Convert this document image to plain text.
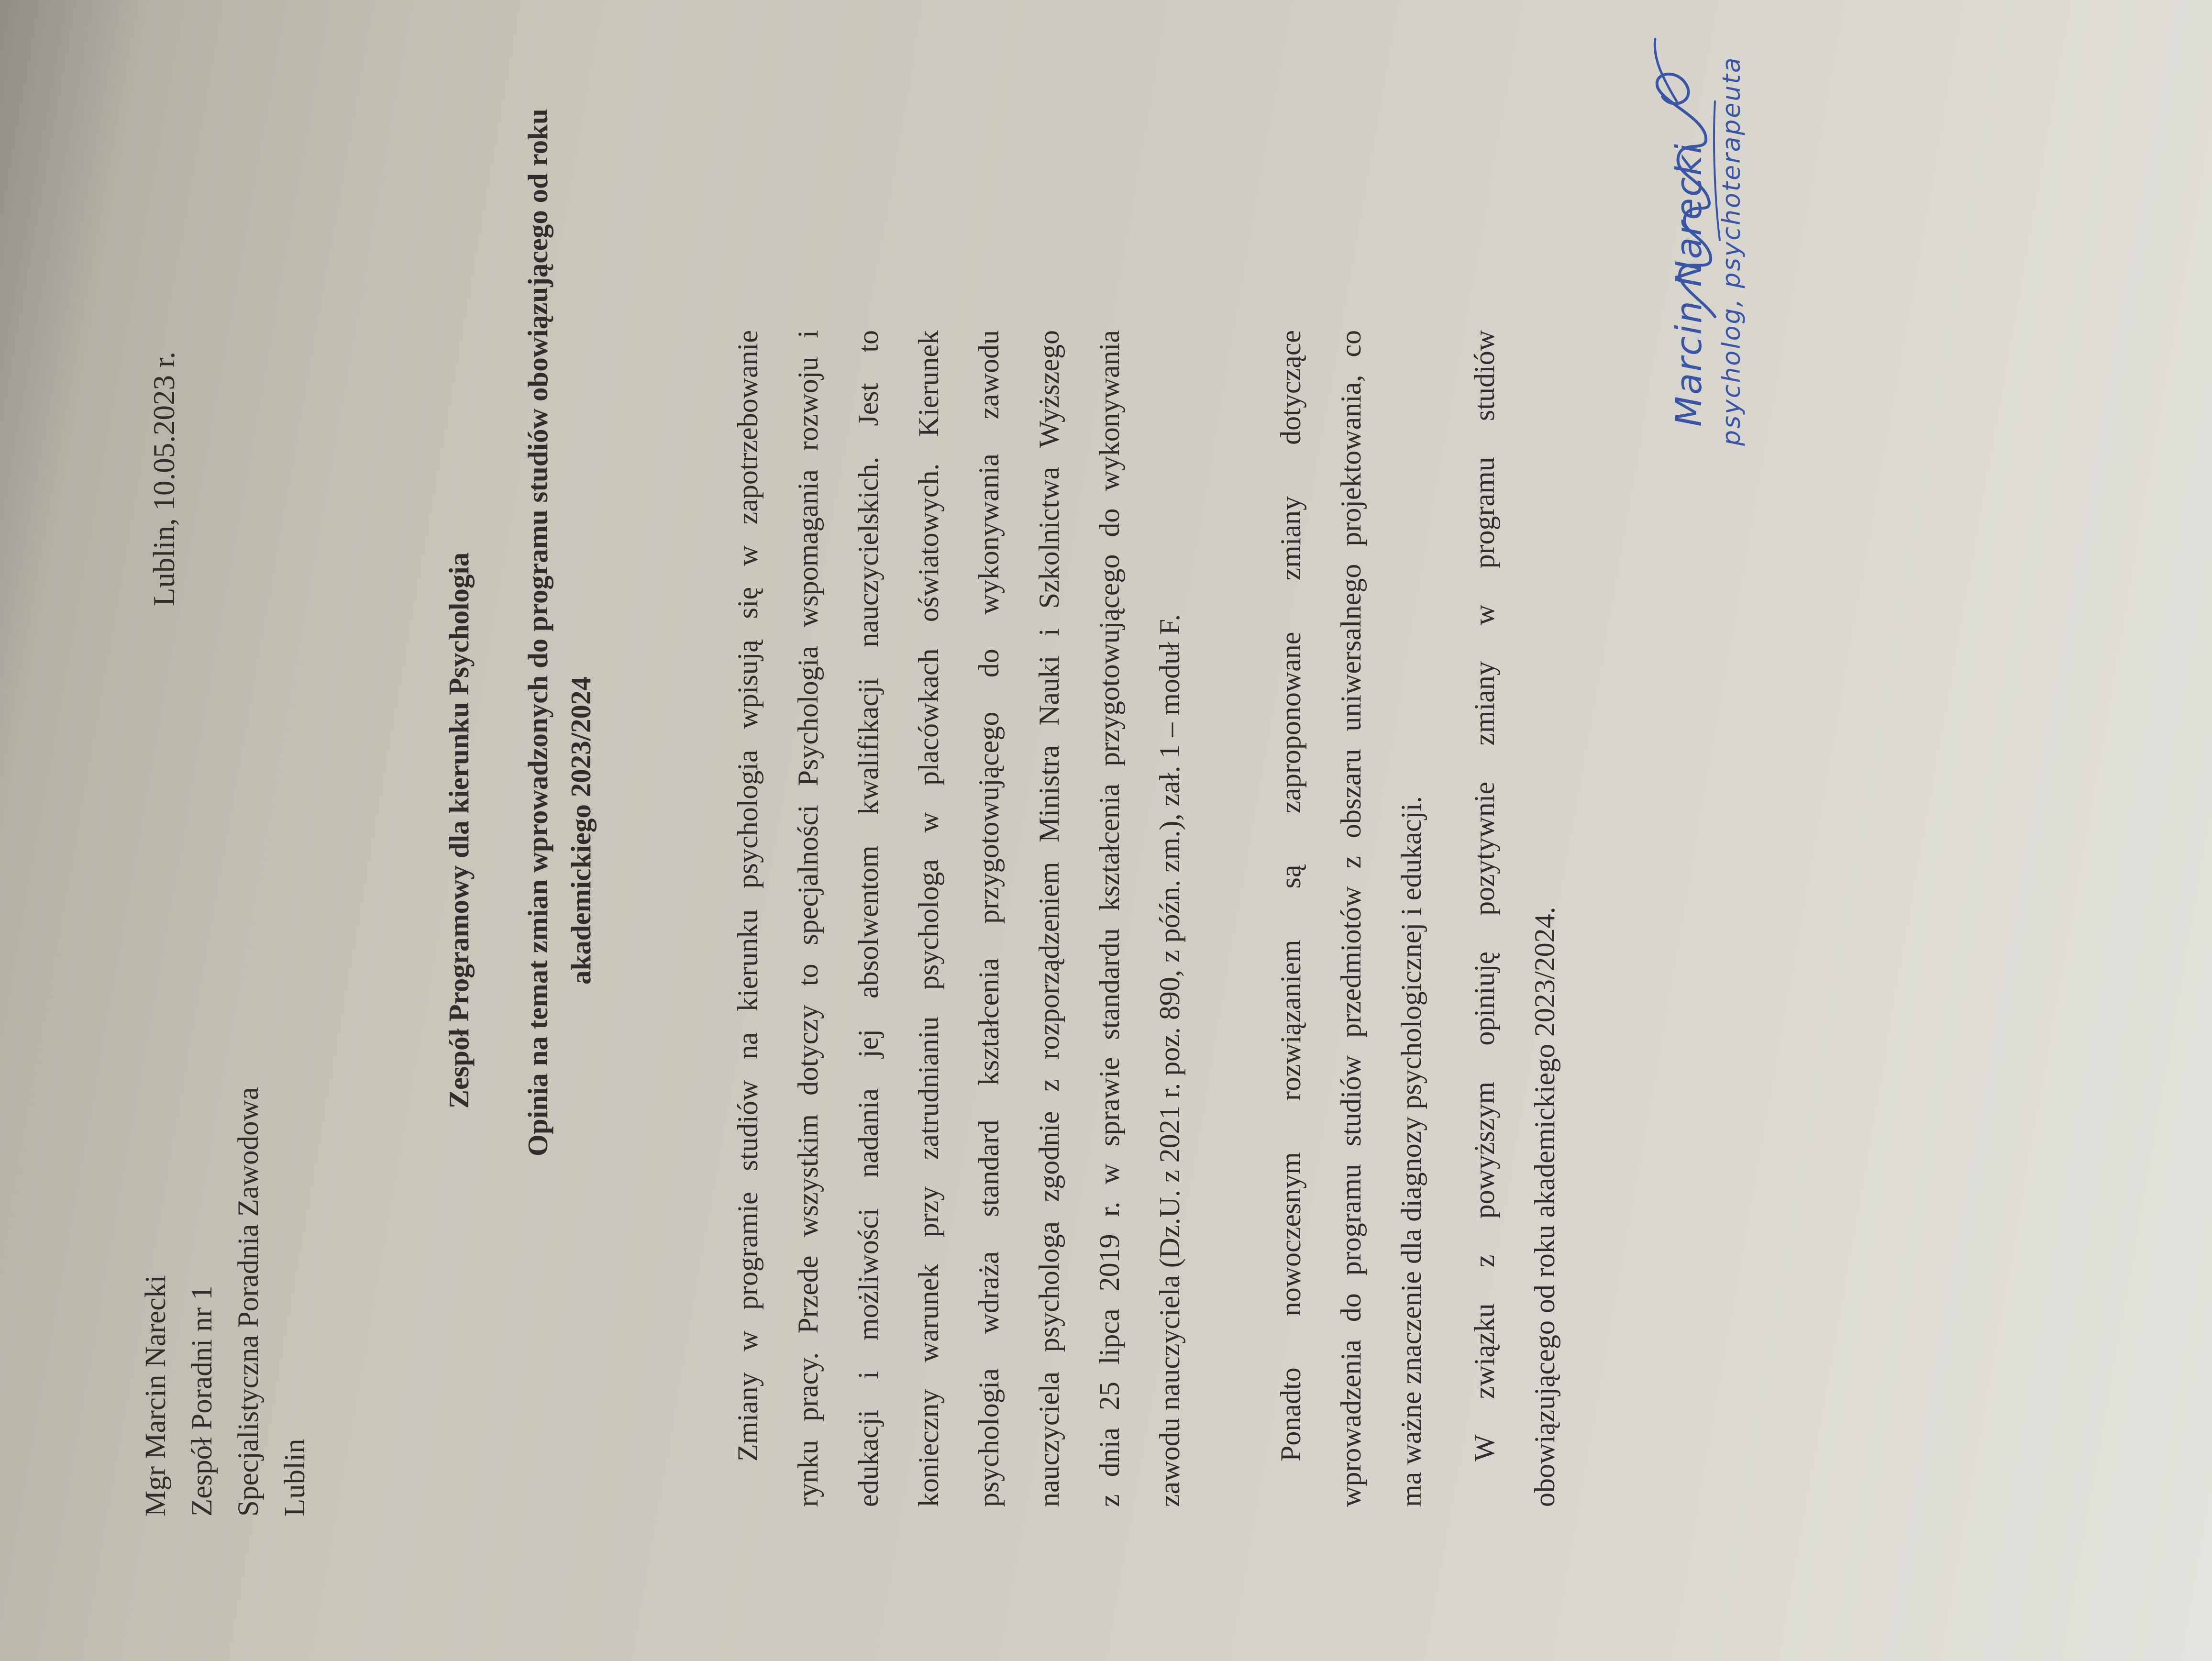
Mgr Marcin Narecki Zespół Poradni nr 1 Specjalistyczna Poradnia Zawodowa Lublin
Lublin, 10.05.2023 r.
Zespół Programowy dla kierunku Psychologia Opinia na temat zmian wprowadzonych do programu studiów obowiązującego od roku akademickiego 2023/2024	Zmiany w programie studiów na kierunku psychologia wpisują się w zapotrzebowanie	rynku pracy. Przede wszystkim dotyczy to specjalności Psychologia wspomagania rozwoju i	edukacji i możliwości nadania jej absolwentom kwalifikacji nauczycielskich. Jest to	konieczny warunek przy zatrudnianiu psychologa w placówkach oświatowych. Kierunek	psychologia wdraża standard kształcenia przygotowującego do wykonywania zawodu	nauczyciela psychologa zgodnie z rozporządzeniem Ministra Nauki i Szkolnictwa Wyższego	z dnia 25 lipca 2019 r. w sprawie standardu kształcenia przygotowującego do wykonywania	zawodu nauczyciela (Dz.U. z 2021 r. poz. 890, z późn. zm.), zał. 1 – moduł F.	Ponadto nowoczesnym rozwiązaniem są zaproponowane zmiany dotyczące	wprowadzenia do programu studiów przedmiotów z obszaru uniwersalnego projektowania, co	ma ważne znaczenie dla diagnozy psychologicznej i edukacji.	W związku z powyższym opiniuję pozytywnie zmiany w programu studiów	obowiązującego od roku akademickiego 2023/2024.
Marcin Narecki psycholog, psychoterapeuta
